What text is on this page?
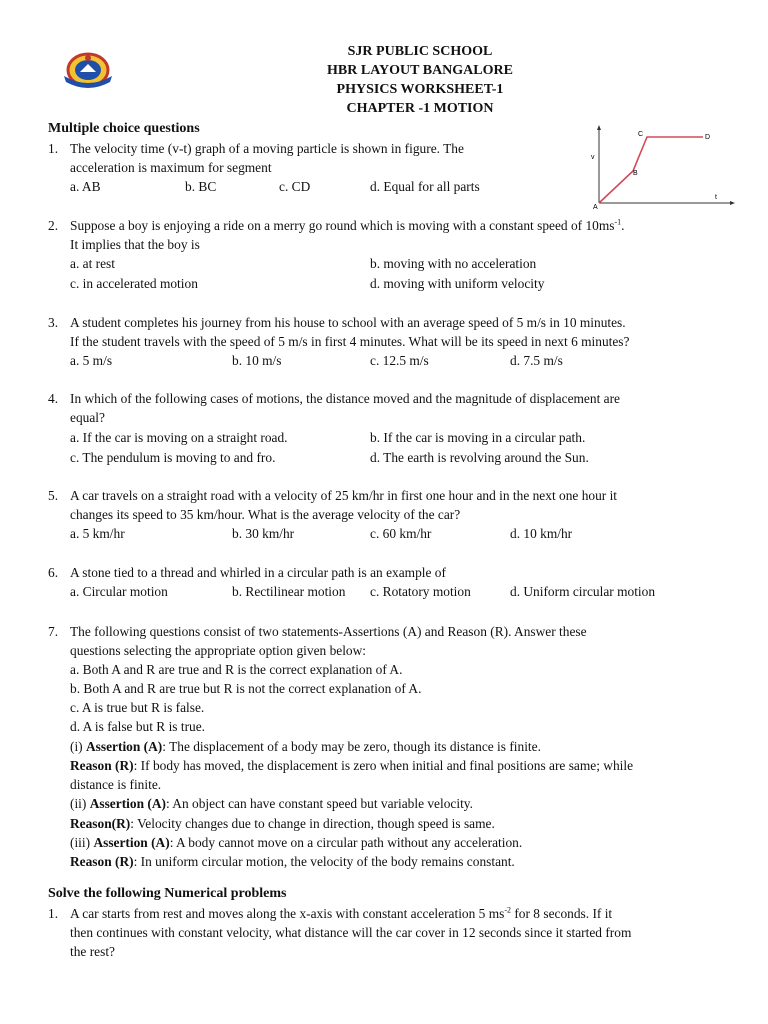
SJR PUBLIC SCHOOL
HBR LAYOUT BANGALORE
PHYSICS WORKSHEET-1
CHAPTER -1 MOTION
v
t
A
B
C	D
Multiple choice questions
1. The velocity time (v-t) graph of a moving particle is shown in figure. The
acceleration is maximum for segment
a. AB	b. BC	c. CD	d. Equal for all parts
2. Suppose a boy is enjoying a ride on a merry go round which is moving with a constant speed of $10ms^{-1}$.
It implies that the boy is
a. at rest	b. moving with no acceleration
c. in accelerated motion	d. moving with uniform velocity
3. A student completes his journey from his house to school with an average speed of 5 m/s in 10 minutes.
If the student travels with the speed of 5 m/s in first 4 minutes. What will be its speed in next 6 minutes?
a. 5 m/s	b. 10 m/s	c. 12.5 m/s	d. 7.5 m/s
4. In which of the following cases of motions, the distance moved and the magnitude of displacement are
equal?
a. If the car is moving on a straight road.	b. If the car is moving in a circular path.
c. The pendulum is moving to and fro.	d. The earth is revolving around the Sun.
5. A car travels on a straight road with a velocity of 25 km/hr in first one hour and in the next one hour it
changes its speed to 35 km/hour. What is the average velocity of the car?
a. 5 km/hr	b. 30 km/hr	c. 60 km/hr	d. 10 km/hr
6. A stone tied to a thread and whirled in a circular path is an example of
a. Circular motion	b. Rectilinear motion c. Rotatory motion	d. Uniform circular motion
7. The following questions consist of two statements-Assertions (A) and Reason (R). Answer these
questions selecting the appropriate option given below:
a. Both A and R are true and R is the correct explanation of A.
b. Both A and R are true but R is not the correct explanation of A.
c. A is true but R is false.
d. A is false but R is true.
(i) Assertion (A): The displacement of a body may be zero, though its distance is finite.
Reason (R): If body has moved, the displacement is zero when initial and final positions are same; while
distance is finite.
(ii) Assertion (A): An object can have constant speed but variable velocity.
Reason(R): Velocity changes due to change in direction, though speed is same.
(iii) Assertion (A): A body cannot move on a circular path without any acceleration.
Reason (R): In uniform circular motion, the velocity of the body remains constant.
Solve the following Numerical problems
1. A car starts from rest and moves along the x-axis with constant acceleration 5 $ms^{-2}$ for 8 seconds. If it
then continues with constant velocity, what distance will the car cover in 12 seconds since it started from
the rest?
